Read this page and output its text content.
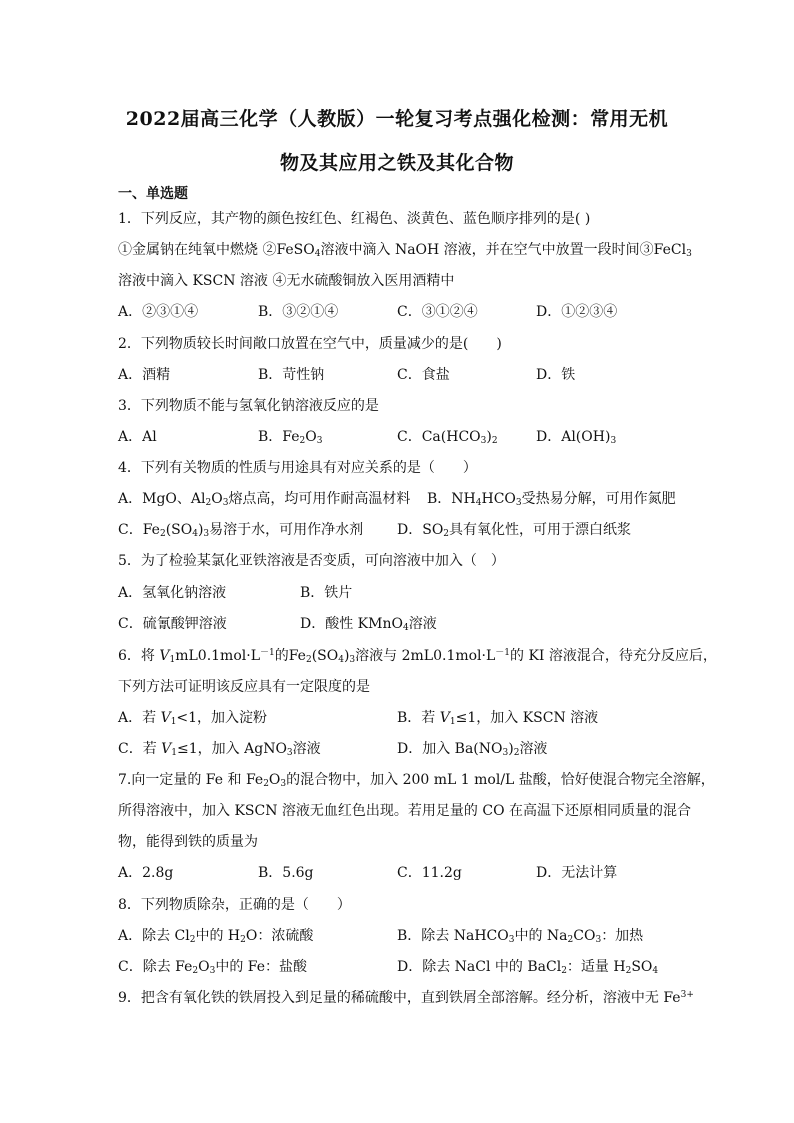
2022届高三化学（人教版）一轮复习考点强化检测：常用无机
物及其应用之铁及其化合物
一、单选题
1．下列反应，其产物的颜色按红色、红褐色、淡黄色、蓝色顺序排列的是( )
①金属钠在纯氧中燃烧 ②FeSO$_4$溶液中滴入 NaOH 溶液，并在空气中放置一段时间③FeCl$_3$
溶液中滴入 KSCN 溶液 ④无水硫酸铜放入医用酒精中
A．②③①④	B．③②①④	C．③①②④	D．①②③④
2．下列物质较长时间敞口放置在空气中，质量减少的是(　　)
A．酒精	B．苛性钠	C．食盐	D．铁
3．下列物质不能与氢氧化钠溶液反应的是
A．Al	B．$Fe_2O_3$	C．$Ca(HCO_3)_2$	D．$Al(OH)_3$
4．下列有关物质的性质与用途具有对应关系的是（　　）
A．MgO、$Al_2O_3$熔点高，均可用作耐高温材料 B．$NH_4HCO_3$受热易分解，可用作氮肥
C．$Fe_2(SO_4)_3$易溶于水，可用作净水剂 D．$SO_2$具有氧化性，可用于漂白纸浆
5．为了检验某氯化亚铁溶液是否变质，可向溶液中加入（　）
A．氢氧化钠溶液	B．铁片
C．硫氰酸钾溶液	D．酸性 KMnO$_4$溶液
6．将 $V_1mL0.1mol\cdot L^{-1}$的$Fe_2(SO_4)_3$溶液与 $2mL0.1mol\cdot L^{-1}$的 KI 溶液混合，待充分反应后，
下列方法可证明该反应具有一定限度的是
A．若 $V_1<1$，加入淀粉	B．若 $V_1\le 1$，加入 KSCN 溶液
C．若 $V_1\le 1$，加入 AgNO$_3$溶液	D．加入 $Ba(NO_3)_2$溶液
7.向一定量的 Fe 和 $Fe_2O_3$的混合物中，加入 200 mL 1 mol/L 盐酸，恰好使混合物完全溶解，
所得溶液中，加入 KSCN 溶液无血红色出现。若用足量的 CO 在高温下还原相同质量的混合
物，能得到铁的质量为
A．2.8g	B．5.6g	C．11.2g	D．无法计算
8．下列物质除杂，正确的是（　　）
A．除去 $Cl_2$中的 $H_2O$：浓硫酸	B．除去 NaHCO$_3$中的 $Na_2CO_3$：加热
C．除去 $Fe_2O_3$中的 Fe：盐酸	D．除去 NaCl 中的 BaCl$_2$：适量 $H_2SO_4$
9．把含有氧化铁的铁屑投入到足量的稀硫酸中，直到铁屑全部溶解。经分析，溶液中无 $Fe^{3+}$
